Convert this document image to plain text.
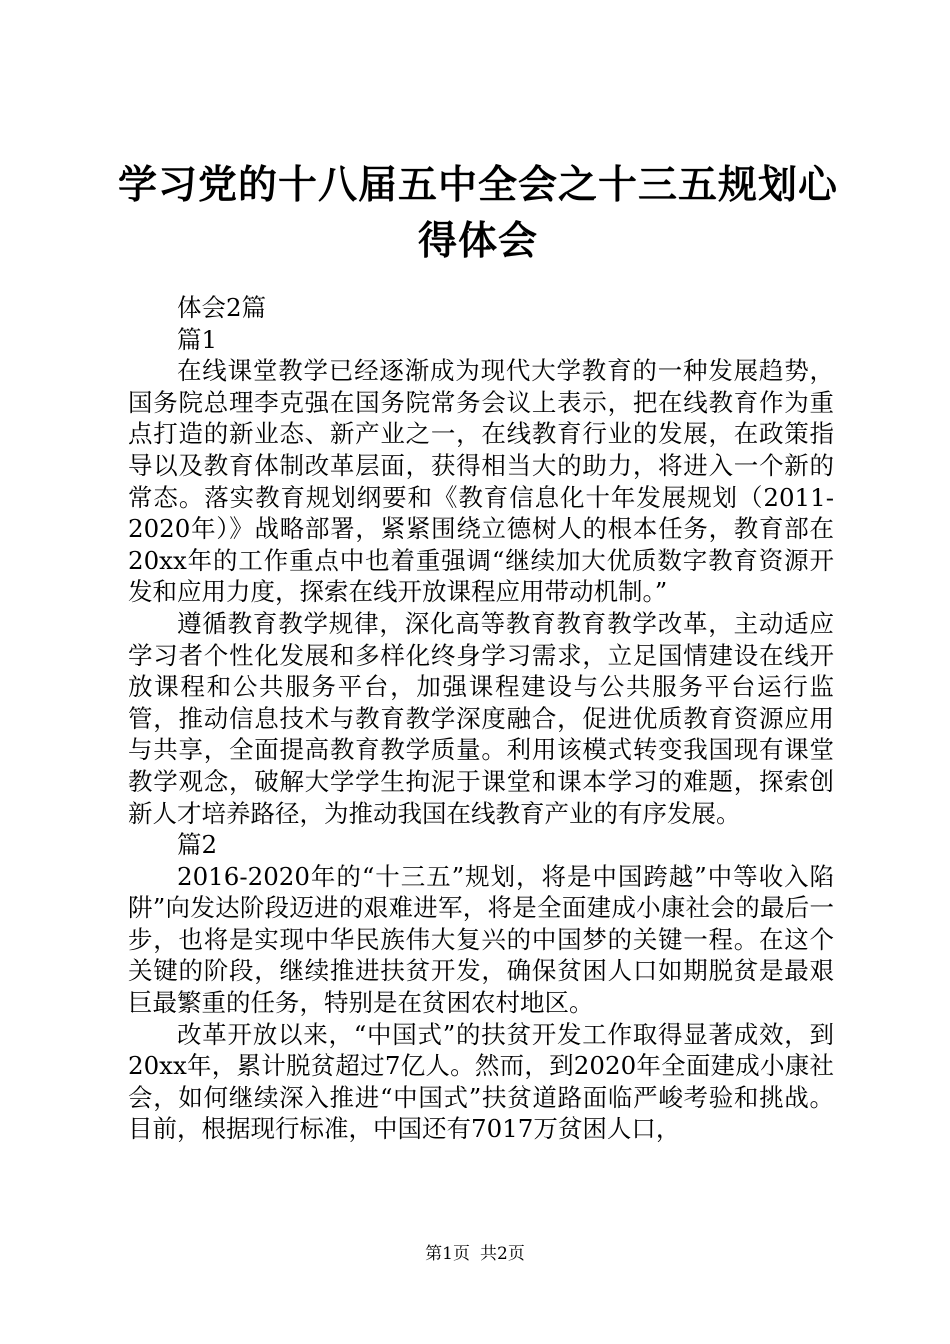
学习党的十八届五中全会之十三五规划心得体会

体会2篇

篇1

在线课堂教学已经逐渐成为现代大学教育的一种发展趋势，国务院总理李克强在国务院常务会议上表示，把在线教育作为重点打造的新业态、新产业之一，在线教育行业的发展，在政策指导以及教育体制改革层面，获得相当大的助力，将进入一个新的常态。落实教育规划纲要和《教育信息化十年发展规划（2011-2020年）》战略部署，紧紧围绕立德树人的根本任务，教育部在20xx年的工作重点中也着重强调“继续加大优质数字教育资源开发和应用力度，探索在线开放课程应用带动机制。”

遵循教育教学规律，深化高等教育教育教学改革，主动适应学习者个性化发展和多样化终身学习需求，立足国情建设在线开放课程和公共服务平台，加强课程建设与公共服务平台运行监管，推动信息技术与教育教学深度融合，促进优质教育资源应用与共享，全面提高教育教学质量。利用该模式转变我国现有课堂教学观念，破解大学学生拘泥于课堂和课本学习的难题，探索创新人才培养路径，为推动我国在线教育产业的有序发展。

篇2

2016-2020年的“十三五”规划，将是中国跨越”中等收入陷阱”向发达阶段迈进的艰难进军，将是全面建成小康社会的最后一步，也将是实现中华民族伟大复兴的中国梦的关键一程。在这个关键的阶段，继续推进扶贫开发，确保贫困人口如期脱贫是最艰巨最繁重的任务，特别是在贫困农村地区。

改革开放以来，“中国式”的扶贫开发工作取得显著成效，到20xx年，累计脱贫超过7亿人。然而，到2020年全面建成小康社会，如何继续深入推进“中国式”扶贫道路面临严峻考验和挑战。目前，根据现行标准，中国还有7017万贫困人口，

第1页 共2页
